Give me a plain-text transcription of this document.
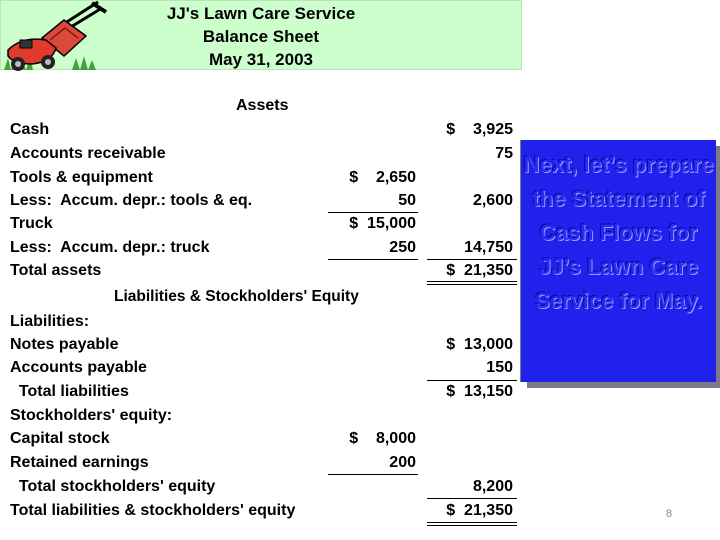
JJ's Lawn Care Service
Balance Sheet
May 31, 2003
Assets
Liabilities & Stockholders' Equity
Cash
Accounts receivable
Tools & equipment
Less:  Accum. depr.: tools & eq.
Truck
Less:  Accum. depr.: truck
Total assets
Liabilities:
Notes payable
Accounts payable
Total liabilities
Stockholders' equity:
Capital stock
Retained earnings
Total stockholders' equity
Total liabilities & stockholders' equity
$    2,650
50
$  15,000
250
$    8,000
200
$    3,925
75
2,600
14,750
$  21,350
$  13,000
150
$  13,150
8,200
$  21,350
Next, let’s prepare the Statement of Cash Flows for JJ’s Lawn Care Service for May.
8
